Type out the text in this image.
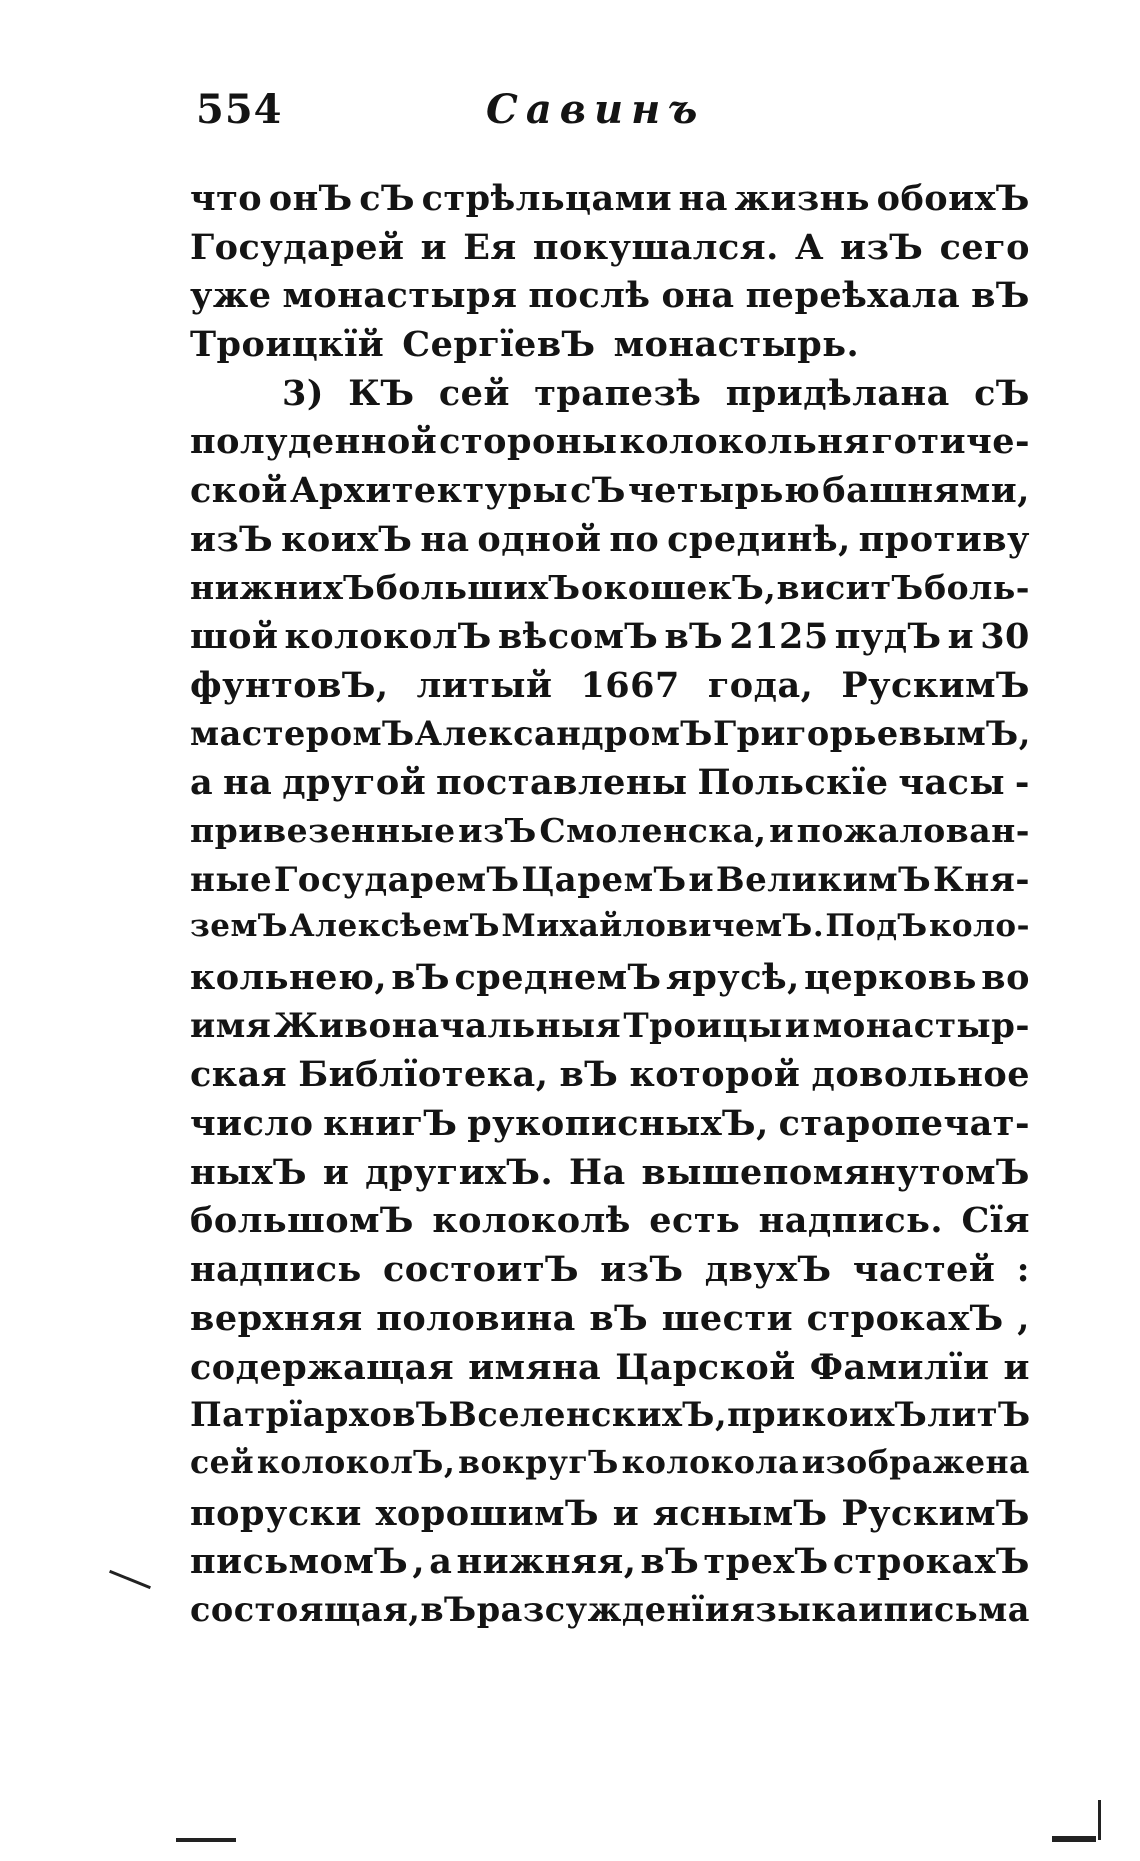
554	Савинъ
что онЪ сЪ стрѣльцами на жизнь обоихЪ
Государей и Ея покушался. А изЪ сего
уже монастыря послѣ она переѣхала вЪ
Троицкїй СергїевЪ монастырь.
3) КЪ сей трапезѣ придѣлана сЪ
полуденной стороны колокольня готиче-
ской Архитектуры сЪ четырью башнями,
изЪ коихЪ на одной по срединѣ, противу
нижнихЪ большихЪ окошекЪ, виситЪ боль-
шой колоколЪ вѣсомЪ вЪ 2125 пудЪ и 30
фунтовЪ, литый 1667 года, РускимЪ
мастеромЪ АлександромЪ ГригорьевымЪ,
а на другой поставлены Польскїе часы -
привезенные изЪ Смоленска, и пожалован-
ные ГосударемЪ ЦаремЪ и ВеликимЪ Кня-
земЪ АлексѣемЪ МихайловичемЪ. ПодЪ коло-
кольнею, вЪ среднемЪ ярусѣ, церковь во
имя Живоначальныя Троицы и монастыр-
ская Библїотека, вЪ которой довольное
число книгЪ рукописныхЪ, старопечат-
ныхЪ и другихЪ. На вышепомянутомЪ
большомЪ колоколѣ есть надпись. Сїя
надпись состоитЪ изЪ двухЪ частей :
верхняя половина вЪ шести строкахЪ ,
содержащая имяна Царской Фамилїи и
ПатрїарховЪ ВселенскихЪ, при коихЪ литЪ
сей колоколЪ, вокругЪ колокола изображена
поруски хорошимЪ и яснымЪ РускимЪ
письмомЪ , а нижняя, вЪ трехЪ строкахЪ
состоящая, вЪ разсужденїи языка и письма
